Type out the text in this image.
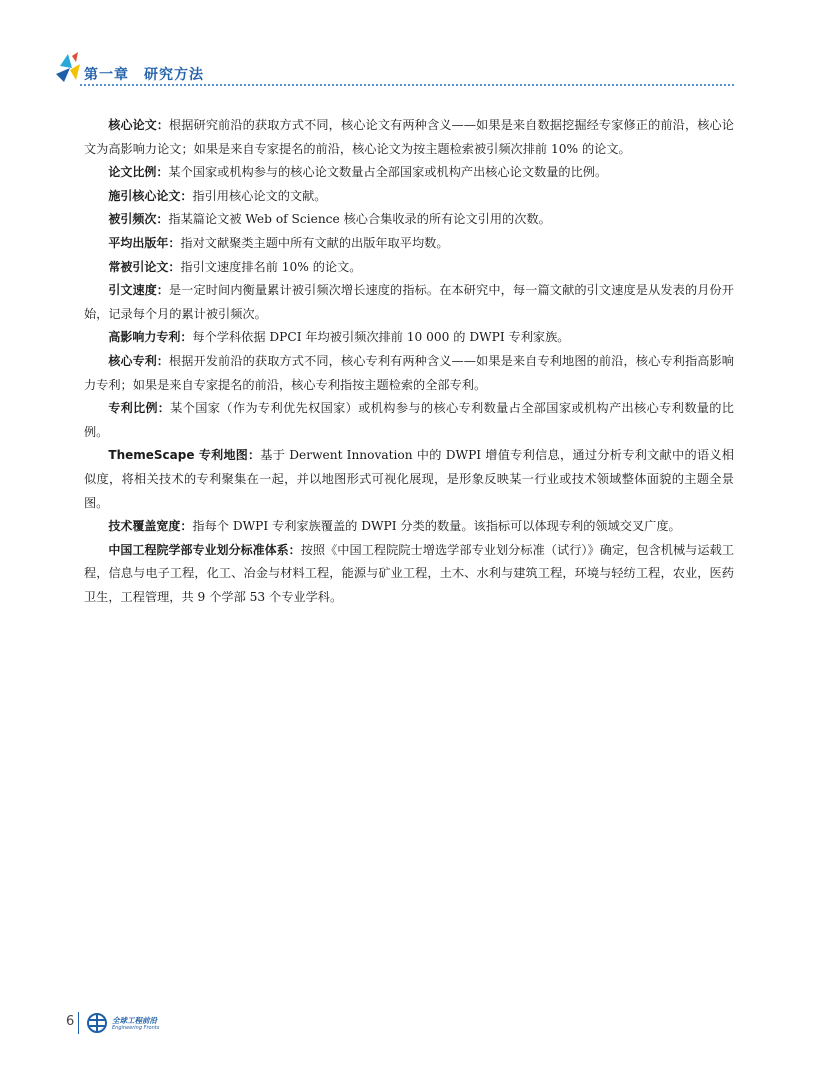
第一章　研究方法

核心论文：根据研究前沿的获取方式不同，核心论文有两种含义——如果是来自数据挖掘经专家修正的前沿，核心论文为高影响力论文；如果是来自专家提名的前沿，核心论文为按主题检索被引频次排前 10% 的论文。

论文比例：某个国家或机构参与的核心论文数量占全部国家或机构产出核心论文数量的比例。

施引核心论文：指引用核心论文的文献。

被引频次：指某篇论文被 Web of Science 核心合集收录的所有论文引用的次数。

平均出版年：指对文献聚类主题中所有文献的出版年取平均数。

常被引论文：指引文速度排名前 10% 的论文。

引文速度：是一定时间内衡量累计被引频次增长速度的指标。在本研究中，每一篇文献的引文速度是从发表的月份开始，记录每个月的累计被引频次。

高影响力专利：每个学科依据 DPCI 年均被引频次排前 10 000 的 DWPI 专利家族。

核心专利：根据开发前沿的获取方式不同，核心专利有两种含义——如果是来自专利地图的前沿，核心专利指高影响力专利；如果是来自专家提名的前沿，核心专利指按主题检索的全部专利。

专利比例：某个国家（作为专利优先权国家）或机构参与的核心专利数量占全部国家或机构产出核心专利数量的比例。

ThemeScape 专利地图：基于 Derwent Innovation 中的 DWPI 增值专利信息，通过分析专利文献中的语义相似度，将相关技术的专利聚集在一起，并以地图形式可视化展现，是形象反映某一行业或技术领域整体面貌的主题全景图。

技术覆盖宽度：指每个 DWPI 专利家族覆盖的 DWPI 分类的数量。该指标可以体现专利的领域交叉广度。

中国工程院学部专业划分标准体系：按照《中国工程院院士增选学部专业划分标准（试行）》确定，包含机械与运载工程，信息与电子工程，化工、冶金与材料工程，能源与矿业工程，土木、水利与建筑工程，环境与轻纺工程，农业，医药卫生，工程管理，共 9 个学部 53 个专业学科。

6	全球工程前沿
Engineering Fronts
